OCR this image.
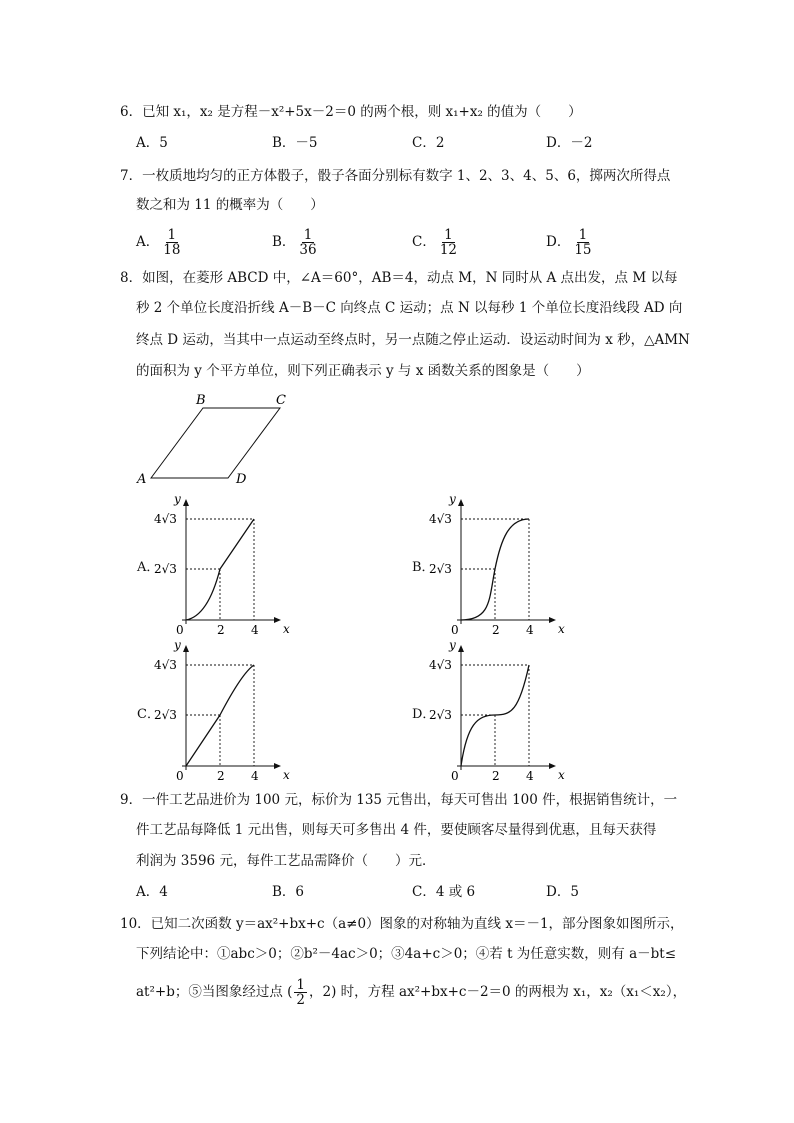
6．已知 x₁，x₂ 是方程－x²+5x－2＝0 的两个根，则 x₁+x₂ 的值为（　　）
A．5	B．－5	C．2	D．－2
7．一枚质地均匀的正方体骰子，骰子各面分别标有数字 1、2、3、4、5、6，掷两次所得点
数之和为 11 的概率为（　　）
A． $\frac{1}{18}$	B． $\frac{1}{36}$	C． $\frac{1}{12}$	D． $\frac{1}{15}$
8．如图，在菱形 ABCD 中，∠A＝60°，AB＝4，动点 M，N 同时从 A 点出发，点 M 以每
秒 2 个单位长度沿折线 A－B－C 向终点 C 运动；点 N 以每秒 1 个单位长度沿线段 AD 向
终点 D 运动，当其中一点运动至终点时，另一点随之停止运动．设运动时间为 x 秒，△AMN
的面积为 y 个平方单位，则下列正确表示 y 与 x 函数关系的图象是（　　）
A
B	C
D
A．	B．
C．	D．
y
x
0	2 4
4√3
2√3
y
x
0	2 4
4√3
2√3
y
x
0	2 4
4√3
2√3
y
x
0	2 4
4√3
2√3
9．一件工艺品进价为 100 元，标价为 135 元售出，每天可售出 100 件，根据销售统计，一
件工艺品每降低 1 元出售，则每天可多售出 4 件，要使顾客尽量得到优惠，且每天获得
利润为 3596 元，每件工艺品需降价（　　）元．
A．4	B．6	C．4 或 6	D．5
10．已知二次函数 y＝ax²+bx+c（a≠0）图象的对称轴为直线 x＝－1，部分图象如图所示，
下列结论中：①abc＞0；②b²－4ac＞0；③4a+c＞0；④若 t 为任意实数，则有 a－bt≤
at²+b；⑤当图象经过点 ( $\frac{1}{2}$ ，2) 时，方程 ax²+bx+c－2＝0 的两根为 x₁，x₂（x₁＜x₂），
